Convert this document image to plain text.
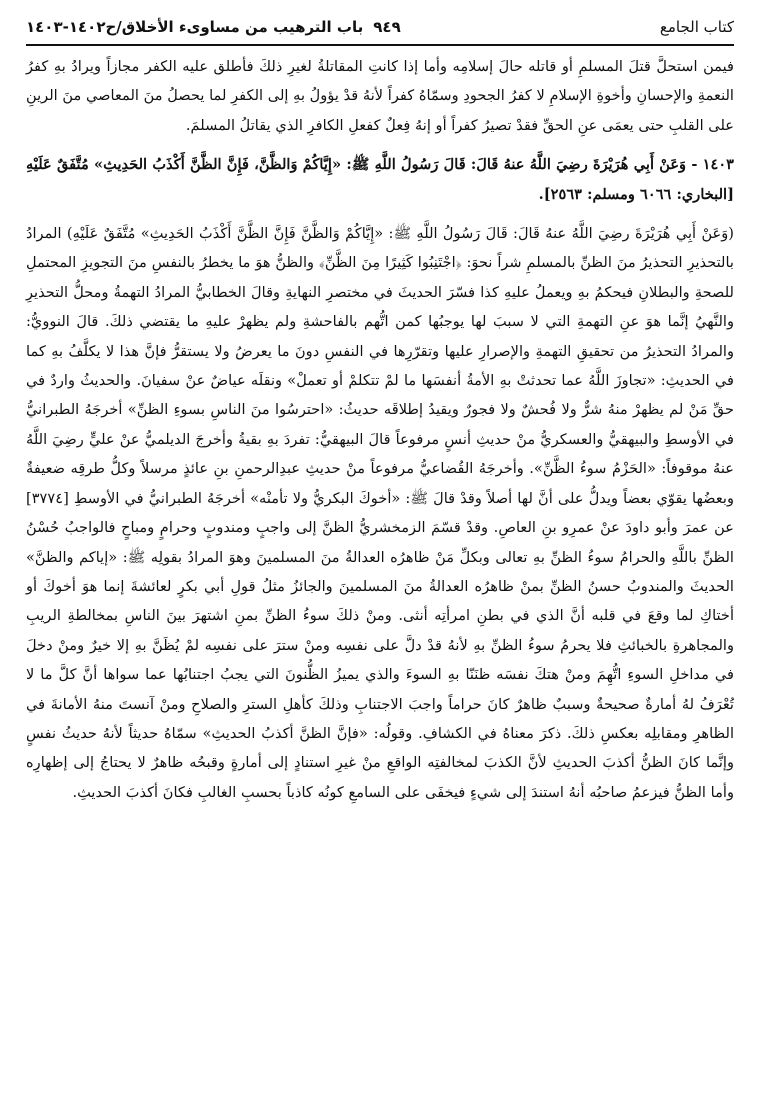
كتاب الجامع
٩٤٩
باب الترهيب من مساوىء الأخلاق/ح١٤٠٢-١٤٠٣

فيمن استحلَّ قتلَ المسلمِ أو قاتله حالَ إسلامِه وأما إذا كانتِ المقاتلةُ لغيرِ ذلكَ فأطلق عليه الكفر مجازاً ويرادُ بهِ كفرُ النعمةِ والإحسانِ وأخوةِ الإسلامِ لا كفرُ الجحودِ وسمّاهُ كفراً لأنهُ قدْ يؤولُ بهِ إلى الكفرِ لما يحصلُ منَ المعاصي منَ الرينِ على القلبِ حتى يعمَى عنِ الحقِّ فقدْ تصيرُ كفراً أو إنهُ فِعلٌ كفعلِ الكافرِ الذي يقاتلُ المسلمَ.

١٤٠٣ - وَعَنْ أَبِي هُرَيْرَةَ رضِيَ اللَّهُ عنهُ قَالَ: قَالَ رَسُولُ اللَّهِ ﷺ: «إِيَّاكُمْ وَالظَّنَّ، فَإِنَّ الظَّنَّ أَكْذَبُ الحَدِيثِ» مُتَّفَقٌ عَلَيْهِ [البخاري: ٦٠٦٦ ومسلم: ٢٥٦٣].

(وَعَنْ أَبِي هُرَيْرَةَ رضِيَ اللَّهُ عنهُ قَالَ: قَالَ رَسُولُ اللَّهِ ﷺ: «إِيَّاكُمْ وَالظَّنَّ فَإِنَّ الظَّنَّ أَكْذَبُ الحَدِيثِ» مُتَّفَقٌ عَلَيْهِ) المرادُ بالتحذيرِ التحذيرُ منَ الظنِّ بالمسلمِ شراً نحوَ: ﴿اجْتَنِبُوا كَثِيرًا مِنَ الظَّنِّ﴾ والظنُّ هوَ ما يخطرُ بالنفسِ منَ التجويزِ المحتملِ للصحةِ والبطلانِ فيحكمُ بهِ ويعملُ عليهِ كذا فسّرَ الحديثَ في مختصرِ النهايةِ وقالَ الخطابيُّ المرادُ التهمةُ ومحلُّ التحذيرِ والنَّهيُ إنَّما هوَ عنِ التهمةِ التي لا سببَ لها يوجبُها كمن اتُّهم بالفاحشةِ ولم يظهرْ عليهِ ما يقتضي ذلكَ. قالَ النوويُّ: والمرادُ التحذيرُ من تحقيقِ التهمةِ والإصرارِ عليها وتقرّرِها في النفسِ دونَ ما يعرضُ ولا يستقرُّ فإنَّ هذا لا يكلَّفُ بهِ كما في الحديثِ: «تجاوزَ اللَّهُ عما تحدثتْ بهِ الأمةُ أنفسَها ما لمْ تتكلمْ أو تعملْ» ونقلَه عياضٌ عنْ سفيانَ. والحديثُ واردٌ في حقِّ مَنْ لم يظهرْ منهُ شرٌّ ولا فُحشٌ ولا فجورٌ ويقيدُ إطلاقَه حديثُ: «احترسُوا منَ الناسِ بسوءِ الظنِّ» أخرجَهُ الطبرانيُّ في الأوسطِ والبيهقيُّ والعسكريُّ منْ حديثِ أنسٍ مرفوعاً قالَ البيهقيُّ: تفردَ بهِ بقيةُ وأخرجَ الديلميُّ عنْ عليٍّ رضِيَ اللَّهُ عنهُ موقوفاً: «الحَزْمُ سوءُ الظَّنِّ». وأخرجَهُ القُضاعيُّ مرفوعاً منْ حديثِ عبدِالرحمنِ بنِ عائذٍ مرسلاً وكلُّ طرقِه ضعيفةٌ وبعضُها يقوّي بعضاً ويدلُّ على أنَّ لها أصلاً وقدْ قالَ ﷺ: «أخوكَ البكريُّ ولا تأمنْه» أخرجَهُ الطبرانيُّ في الأوسطِ [٣٧٧٤] عن عمرَ وأبو داودَ عنْ عمرِو بنِ العاصِ. وقدْ قسّمَ الزمخشريُّ الظنَّ إلى واجبٍ ومندوبٍ وحرامٍ ومباحٍ فالواجبُ حُسْنُ الظنِّ باللَّهِ والحرامُ سوءُ الظنِّ بهِ تعالى وبكلِّ مَنْ ظاهرُه العدالةُ منَ المسلمينَ وهوَ المرادُ بقولِه ﷺ: «إياكم والظنَّ» الحديثَ والمندوبُ حسنُ الظنِّ بمنْ ظاهرُه العدالةُ منَ المسلمينَ والجائزُ مثلُ قولِ أبي بكرٍ لعائشةَ إنما هوَ أخوكَ أو أختاكِ لما وقعَ في قلبه أنَّ الذي في بطنِ امرأتِه أنثى. ومنْ ذلكَ سوءُ الظنِّ بمنِ اشتهرَ بينَ الناسِ بمخالطةِ الريبِ والمجاهرةِ بالخبائثِ فلا يحرمُ سوءُ الظنِّ بهِ لأنهُ قدْ دلَّ على نفسِه ومنْ سترَ على نفسِه لمْ يُظَنَّ بهِ إلا خيرٌ ومنْ دخلَ في مداخلِ السوءِ اتُّهِمَ ومنْ هتكَ نفسَه ظنَنّا بهِ السوءَ والذي يميزُ الظُّنونَ التي يجبُ اجتنابُها عما سواها أنَّ كلَّ ما لا تُعْرَفُ لهُ أمارةٌ صحيحةٌ وسببٌ ظاهرٌ كانَ حراماً واجبَ الاجتنابِ وذلكَ كأهلِ السترِ والصلاحِ ومنْ آنستَ منهُ الأمانةَ في الظاهرِ ومقابلِه بعكسِ ذلكَ. ذكرَ معناهُ في الكشافِ. وقولُه: «فإنَّ الظنَّ أكذبُ الحديثِ» سمّاهُ حديثاً لأنهُ حديثُ نفسٍ وإنَّما كانَ الظنُّ أكذبَ الحديثِ لأنَّ الكذبَ لمخالفتِه الواقعِ منْ غيرِ استنادٍ إلى أمارةٍ وقبحُه ظاهرٌ لا يحتاجُ إلى إظهارِه وأما الظنُّ فيزعمُ صاحبُه أنهُ استندَ إلى شيءٍ فيخفَى على السامعِ كونُه كاذباً بحسبِ الغالبِ فكانَ أكذبَ الحديثِ.
